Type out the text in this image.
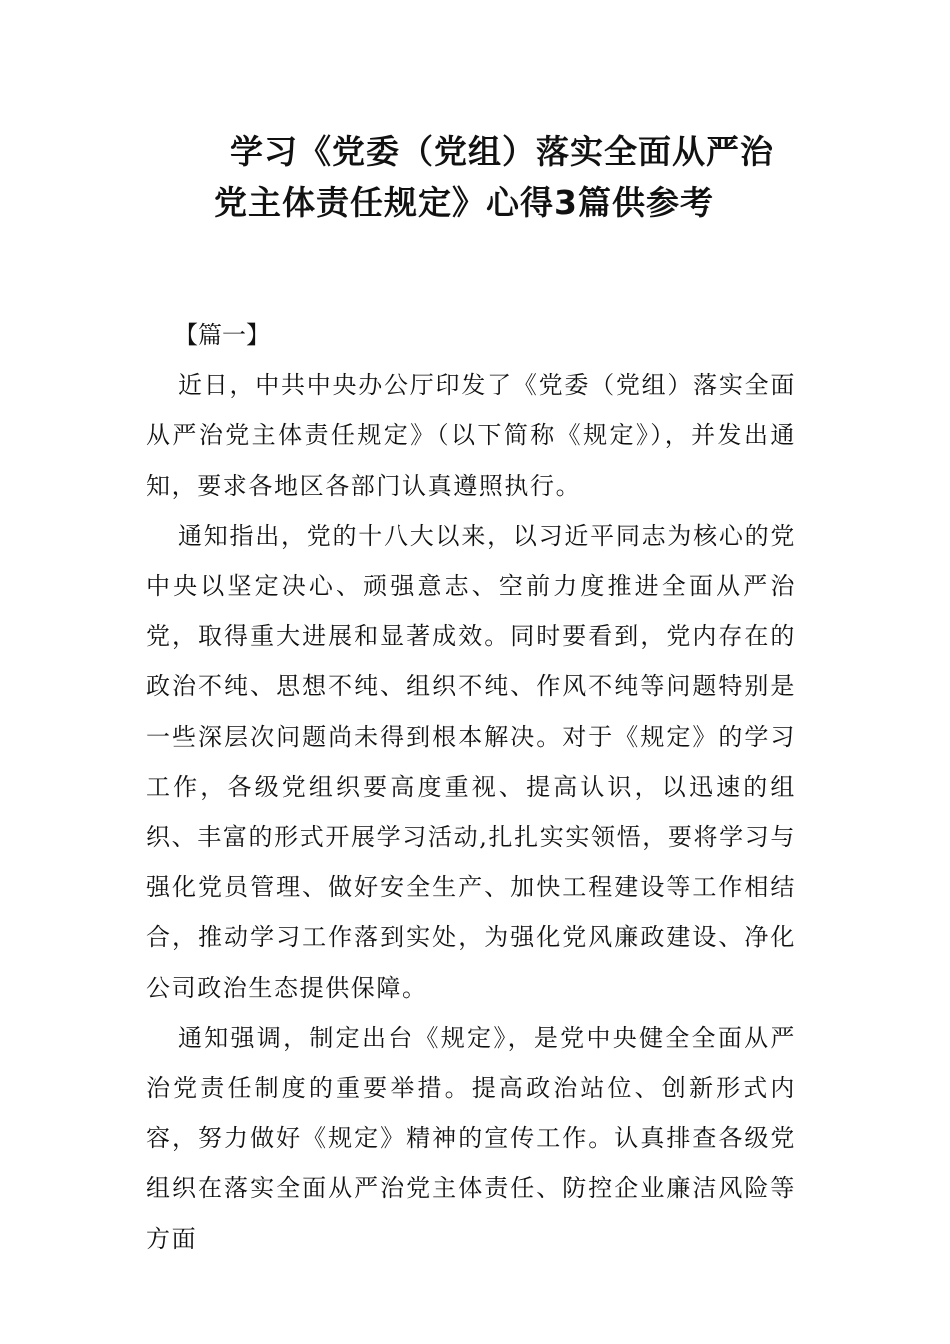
学习《党委（党组）落实全面从严治
党主体责任规定》心得3篇供参考

【篇一】

近日，中共中央办公厅印发了《党委（党组）落实全面从严治党主体责任规定》（以下简称《规定》），并发出通知，要求各地区各部门认真遵照执行。

通知指出，党的十八大以来，以习近平同志为核心的党中央以坚定决心、顽强意志、空前力度推进全面从严治党，取得重大进展和显著成效。同时要看到，党内存在的政治不纯、思想不纯、组织不纯、作风不纯等问题特别是一些深层次问题尚未得到根本解决。对于《规定》的学习工作，各级党组织要高度重视、提高认识，以迅速的组织、丰富的形式开展学习活动,扎扎实实领悟，要将学习与强化党员管理、做好安全生产、加快工程建设等工作相结合，推动学习工作落到实处，为强化党风廉政建设、净化公司政治生态提供保障。

通知强调，制定出台《规定》，是党中央健全全面从严治党责任制度的重要举措。提高政治站位、创新形式内容，努力做好《规定》精神的宣传工作。认真排查各级党组织在落实全面从严治党主体责任、防控企业廉洁风险等方面
